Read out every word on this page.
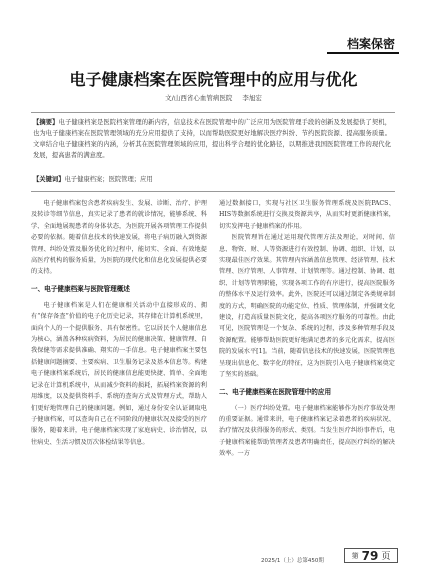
档案保密
电子健康档案在医院管理中的应用与优化
文/山西省心血管病医院 李旭宏
【摘要】电子健康档案是医院档案管理的新内容，信息技术在医院管理中的广泛应用为医院管理手段的创新及发展提供了契机，也为电子健康档案在医院管理领域的充分应用提供了支持，以而帮助医院更好地解决医疗纠纷、节约医院资源、提高服务质量。文章结合电子健康档案的内涵，分析其在医院管理领域的应用，提出科学合理的优化路径，以期推进我国医院管理工作的现代化发展，提高患者的满意度。
【关键词】电子健康档案；医院管理；应用

电子健康档案包含患者疾病发生、发展、诊断、治疗、护理及转诊等细节信息，真实记录了患者的就诊情况，能够系统、科学、全面地展现患者的身体状态，为医院开展各项管理工作提供必要的依据。随着信息技术的快速发展，将电子病历融入到资源管理、纠纷处置及服务优化的过程中，能切实、全面、有效地提高医疗机构的服务质量，为医院的现代化和信息化发展提供必要的支持。

一、电子健康档案与医院管理概述

电子健康档案是人们在健康相关活动中直接形成的、拥有“保存备查”价值的电子化历史记录，其存储在计算机系统里，面向个人的一个提供服务、具有保密性。它以居民个人健康信息为核心，涵盖各种疾病资料，为居民的健康决策、健康管理、自我保健等需求提供准确、翔实的一手信息。电子健康档案主要包括健康问题摘要、主要疾病、卫生服务记录及基本信息等。构建电子健康档案系统后，居民的健康信息能更快捷、简单、全面地记录在计算机系统中，从而减少资料的损耗，拓展档案资源的利用维度，以及提供资料手、系统的查询方式及管理方式，帮助人们更好地管理自己的健康问题。例如，通过身份安全认证调取电子健康档案，可以查询自己在不同阶段的健康状况及接受的医疗服务，随着来讲，电子健康档案实现了家庭病史、诊治情况，以往病史、生活习惯及历次体检结果等信息。

通过数据接口，实现与社区卫生服务管理系统及医院PACS、HIS等数据系统进行交换及资源共享，从而实时更新健康档案，切实发挥电子健康档案的作用。

医院管理旨在通过运用现代管理方法及理论，对时间、信息、物资、财、人等资源进行有效控制、协调、组织、计划，以实现最佳医疗效果。其管理内容涵盖信息管理、经济管理、技术管理、医疗管理、人事管理、计划管理等。通过控制、协调、组织、计划等管理职能，实现各项工作的有序进行，提高医院服务的整体水平及运行效率。此外，医院还可以通过制定各类规章制度的方式，明确医院的功能定位、性质、管理体制，并强调文化建设，打造高质量医院文化，提高各项医疗服务的可靠性。由此可见，医院管理是一个复杂、系统的过程，涉及多种管理手段及资源配置。能够帮助医院更好地满足患者的多元化需求，提高医院的发展水平[1]。当前，随着信息技术的快速发展，医院管理也呈现出信息化、数字化的特征，这为医院引入电子健康档案奠定了坚实的基础。

二、电子健康档案在医院管理中的应用

（一）医疗纠纷处置。电子健康档案能够作为医疗事故处理的重要证据。通常来讲，电子健康档案记录着患者的疾病状况、治疗情况及获得服务的形式、类别。当发生医疗纠纷事件后，电子健康档案能帮助管理者及患者明确责任，提高医疗纠纷的解决效率。一方

2025/1（上）总第450期
第 79 页
